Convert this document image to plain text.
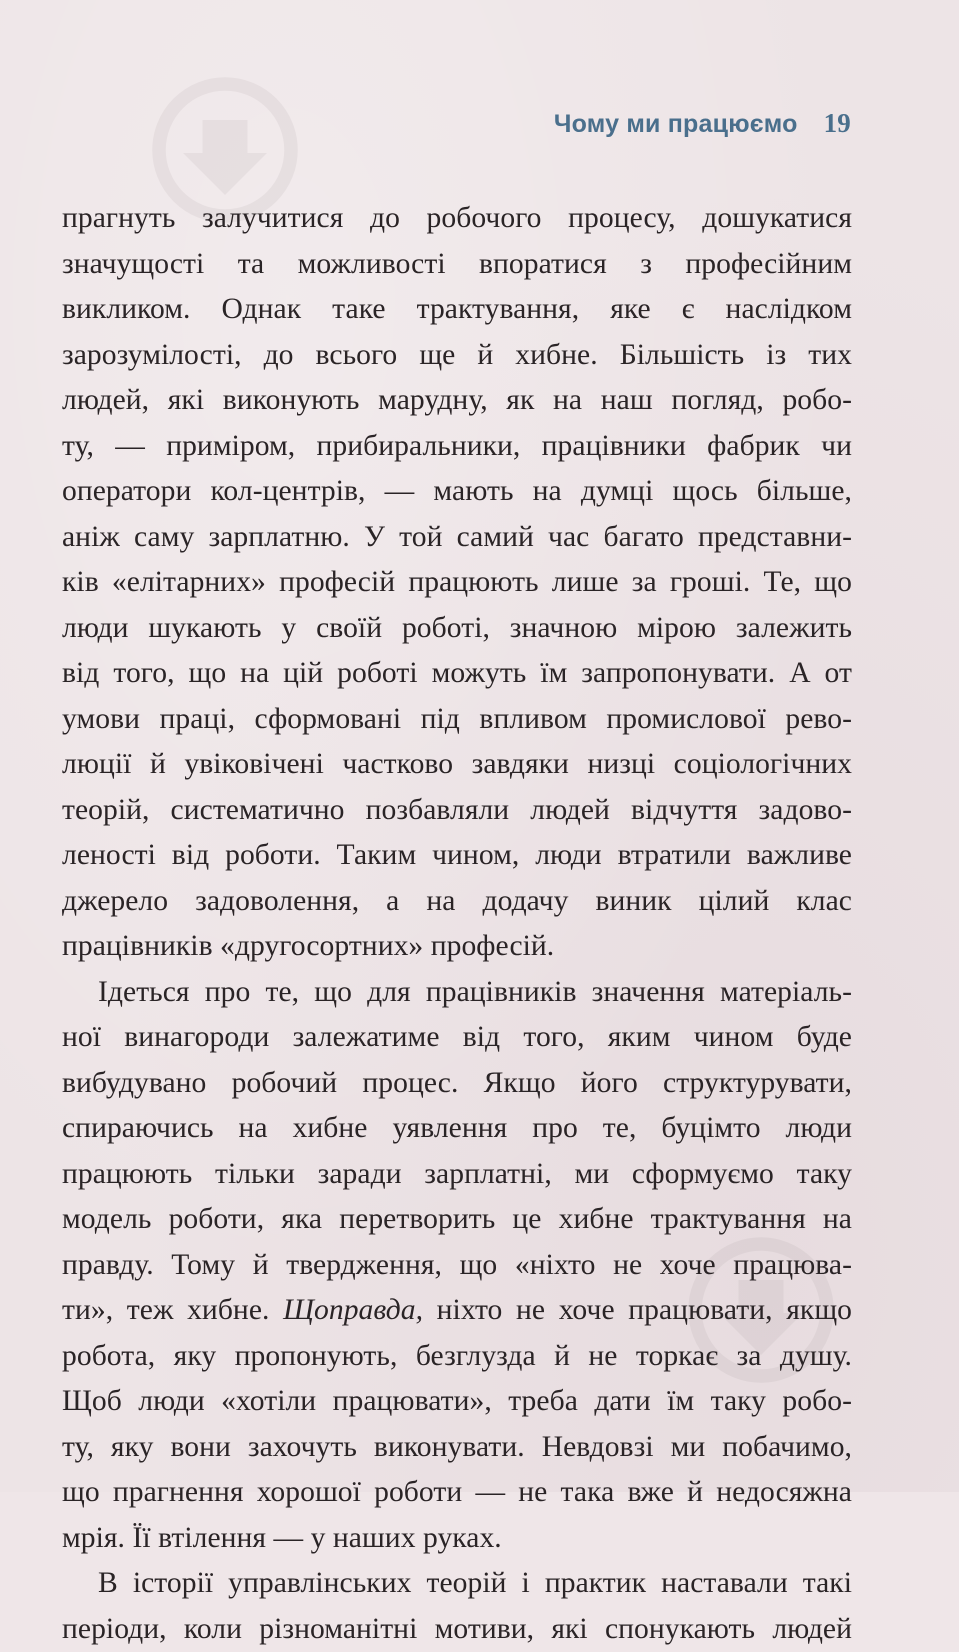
Чому ми працюємо 19
прагнуть залучитися до робочого процесу, дошукатися
значущості та можливості впоратися з професійним
викликом. Однак таке трактування, яке є наслідком
зарозумілості, до всього ще й хибне. Більшість із тих
людей, які виконують марудну, як на наш погляд, робо-
ту, — приміром, прибиральники, працівники фабрик чи
оператори кол-центрів, — мають на думці щось більше,
аніж саму зарплатню. У той самий час багато представни-
ків «елітарних» професій працюють лише за гроші. Те, що
люди шукають у своїй роботі, значною мірою залежить
від того, що на цій роботі можуть їм запропонувати. А от
умови праці, сформовані під впливом промислової рево-
люції й увіковічені частково завдяки низці соціологічних
теорій, систематично позбавляли людей відчуття задово-
леності від роботи. Таким чином, люди втратили важливе
джерело задоволення, а на додачу виник цілий клас
працівників «другосортних» професій.
Ідеться про те, що для працівників значення матеріаль-
ної винагороди залежатиме від того, яким чином буде
вибудувано робочий процес. Якщо його структурувати,
спираючись на хибне уявлення про те, буцімто люди
працюють тільки заради зарплатні, ми сформуємо таку
модель роботи, яка перетворить це хибне трактування на
правду. Тому й твердження, що «ніхто не хоче працюва-
ти», теж хибне. Щоправда, ніхто не хоче працювати, якщо
робота, яку пропонують, безглузда й не торкає за душу.
Щоб люди «хотіли працювати», треба дати їм таку робо-
ту, яку вони захочуть виконувати. Невдовзі ми побачимо,
що прагнення хорошої роботи — не така вже й недосяжна
мрія. Її втілення — у наших руках.
В історії управлінських теорій і практик наставали такі
періоди, коли різноманітні мотиви, які спонукають людей
